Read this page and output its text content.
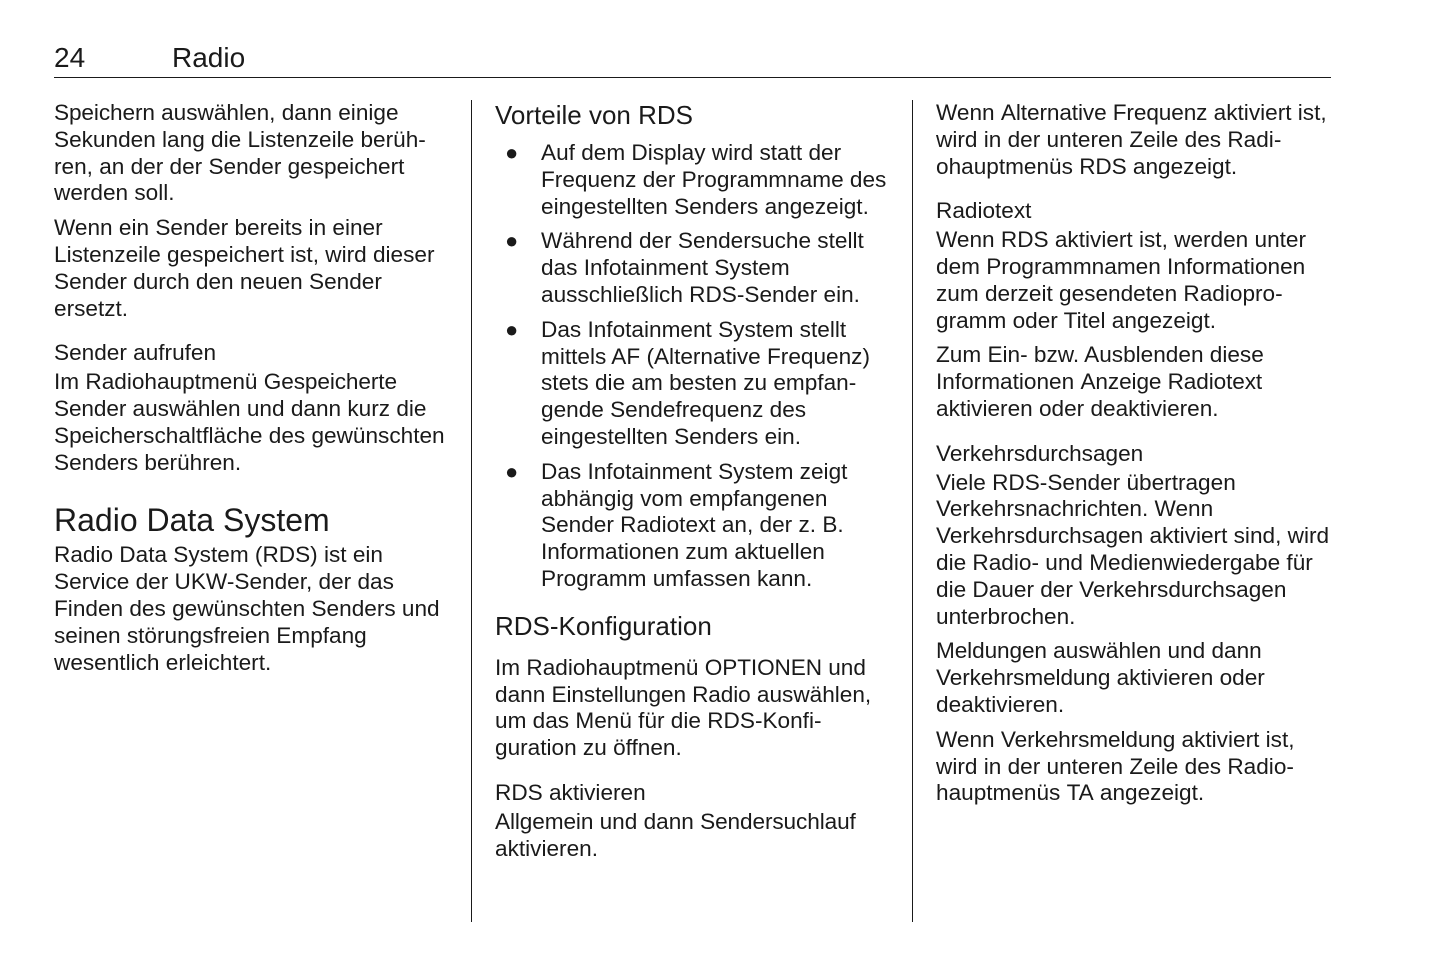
24	Radio

Speichern auswählen, dann einige Sekunden lang die Listenzeile berühren, an der der Sender gespeichert werden soll.

Wenn ein Sender bereits in einer Listenzeile gespeichert ist, wird dieser Sender durch den neuen Sender ersetzt.

Sender aufrufen

Im Radiohauptmenü Gespeicherte Sender auswählen und dann kurz die Speicherschaltfläche des gewünschten Senders berühren.

Radio Data System

Radio Data System (RDS) ist ein Service der UKW-Sender, der das Finden des gewünschten Senders und seinen störungsfreien Empfang wesentlich erleichtert.

Vorteile von RDS
● Auf dem Display wird statt der Frequenz der Programmname des eingestellten Senders angezeigt.
● Während der Sendersuche stellt das Infotainment System ausschließlich RDS-Sender ein.
● Das Infotainment System stellt mittels AF (Alternative Frequenz) stets die am besten zu empfangende Sendefrequenz des eingestellten Senders ein.
● Das Infotainment System zeigt abhängig vom empfangenen Sender Radiotext an, der z. B. Informationen zum aktuellen Programm umfassen kann.
RDS-Konfiguration

Im Radiohauptmenü OPTIONEN und dann Einstellungen Radio auswählen, um das Menü für die RDS-Konfiguration zu öffnen.

RDS aktivieren

Allgemein und dann Sendersuchlauf aktivieren.

Wenn Alternative Frequenz aktiviert ist, wird in der unteren Zeile des Radiohauptmenüs RDS angezeigt.

Radiotext

Wenn RDS aktiviert ist, werden unter dem Programmnamen Informationen zum derzeit gesendeten Radioprogramm oder Titel angezeigt.

Zum Ein- bzw. Ausblenden diese Informationen Anzeige Radiotext aktivieren oder deaktivieren.

Verkehrsdurchsagen

Viele RDS-Sender übertragen Verkehrsnachrichten. Wenn Verkehrsdurchsagen aktiviert sind, wird die Radio- und Medienwiedergabe für die Dauer der Verkehrsdurchsagen unterbrochen.

Meldungen auswählen und dann Verkehrsmeldung aktivieren oder deaktivieren.

Wenn Verkehrsmeldung aktiviert ist, wird in der unteren Zeile des Radiohauptmenüs TA angezeigt.
